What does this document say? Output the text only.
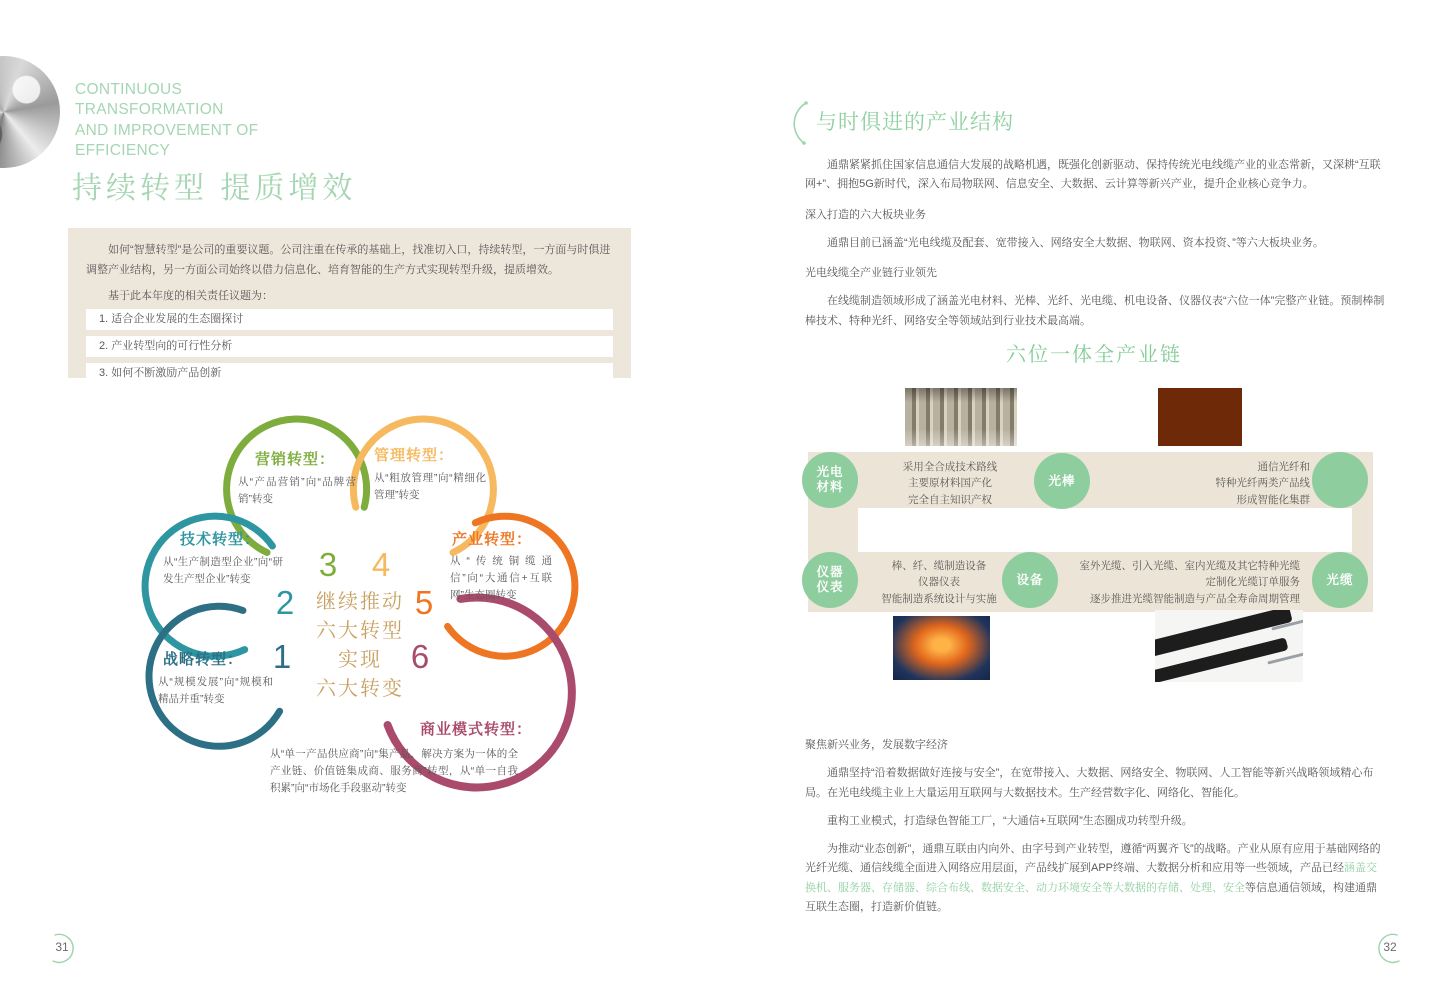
CONTINUOUS
TRANSFORMATION
AND IMPROVEMENT OF
EFFICIENCY
持续转型 提质增效
如何“智慧转型”是公司的重要议题。公司注重在传承的基础上，找准切入口，持续转型，一方面与时俱进调整产业结构，另一方面公司始终以借力信息化、培育智能的生产方式实现转型升级，提质增效。
基于此本年度的相关责任议题为：
1. 适合企业发展的生态圈探讨
2. 产业转型向的可行性分析
3. 如何不断激励产品创新
营销转型：
从“产品营销”向“品牌营销”转变
管理转型：
从“粗放管理”向“精细化管理”转变
技术转型：
从“生产制造型企业”向“研发生产型企业”转变
产业转型：
从“传统铜缆通信”向“大通信+互联网”生态圈转变
战略转型：
从“规模发展”向“规模和精品并重”转变
商业模式转型：
从“单一产品供应商”向“集产品、解决方案为一体的全产业链、价值链集成商、服务商”转型，从“单一自我积累”向“市场化手段驱动”转变
1
2
3 4
5
6
继续推动
六大转型
实现
六大转变
31
与时俱进的产业结构

通鼎紧紧抓住国家信息通信大发展的战略机遇，既强化创新驱动、保持传统光电线缆产业的业态常新，又深耕“互联网+”、拥抱5G新时代，深入布局物联网、信息安全、大数据、云计算等新兴产业，提升企业核心竞争力。

深入打造的六大板块业务

通鼎目前已涵盖“光电线缆及配套、宽带接入、网络安全大数据、物联网、资本投资、”等六大板块业务。

光电线缆全产业链行业领先

在线缆制造领域形成了涵盖光电材料、光棒、光纤、光电缆、机电设备、仪器仪表“六位一体”完整产业链。预制棒制棒技术、特种光纤、网络安全等领域站到行业技术最高端。

六位一体全产业链
采用全合成技术路线
主要原材料国产化
完全自主知识产权
通信光纤和
特种光纤两类产品线
形成智能化集群
棒、纤、缆制造设备
仪器仪表
智能制造系统设计与实施
室外光缆、引入光缆、室内光缆及其它特种光缆
定制化光缆订单服务
逐步推进光缆智能制造与产品全寿命周期管理
光电
材料	光棒
仪器
仪表
设备	光缆

聚焦新兴业务，发展数字经济

通鼎坚持“沿着数据做好连接与安全”，在宽带接入、大数据、网络安全、物联网、人工智能等新兴战略领域精心布局。在光电线缆主业上大量运用互联网与大数据技术。生产经营数字化、网络化、智能化。

重构工业模式，打造绿色智能工厂，“大通信+互联网”生态圈成功转型升级。

为推动“业态创新”，通鼎互联由内向外、由字号到产业转型，遵循“两翼齐飞”的战略。产业从原有应用于基础网络的光纤光缆、通信线缆全面进入网络应用层面，产品线扩展到APP终端、大数据分析和应用等一些领域，产品已经涵盖交换机、服务器、存储器、综合布线、数据安全、动力环境安全等大数据的存储、处理、安全等信息通信领域，构建通鼎互联生态圈，打造新价值链。

32
